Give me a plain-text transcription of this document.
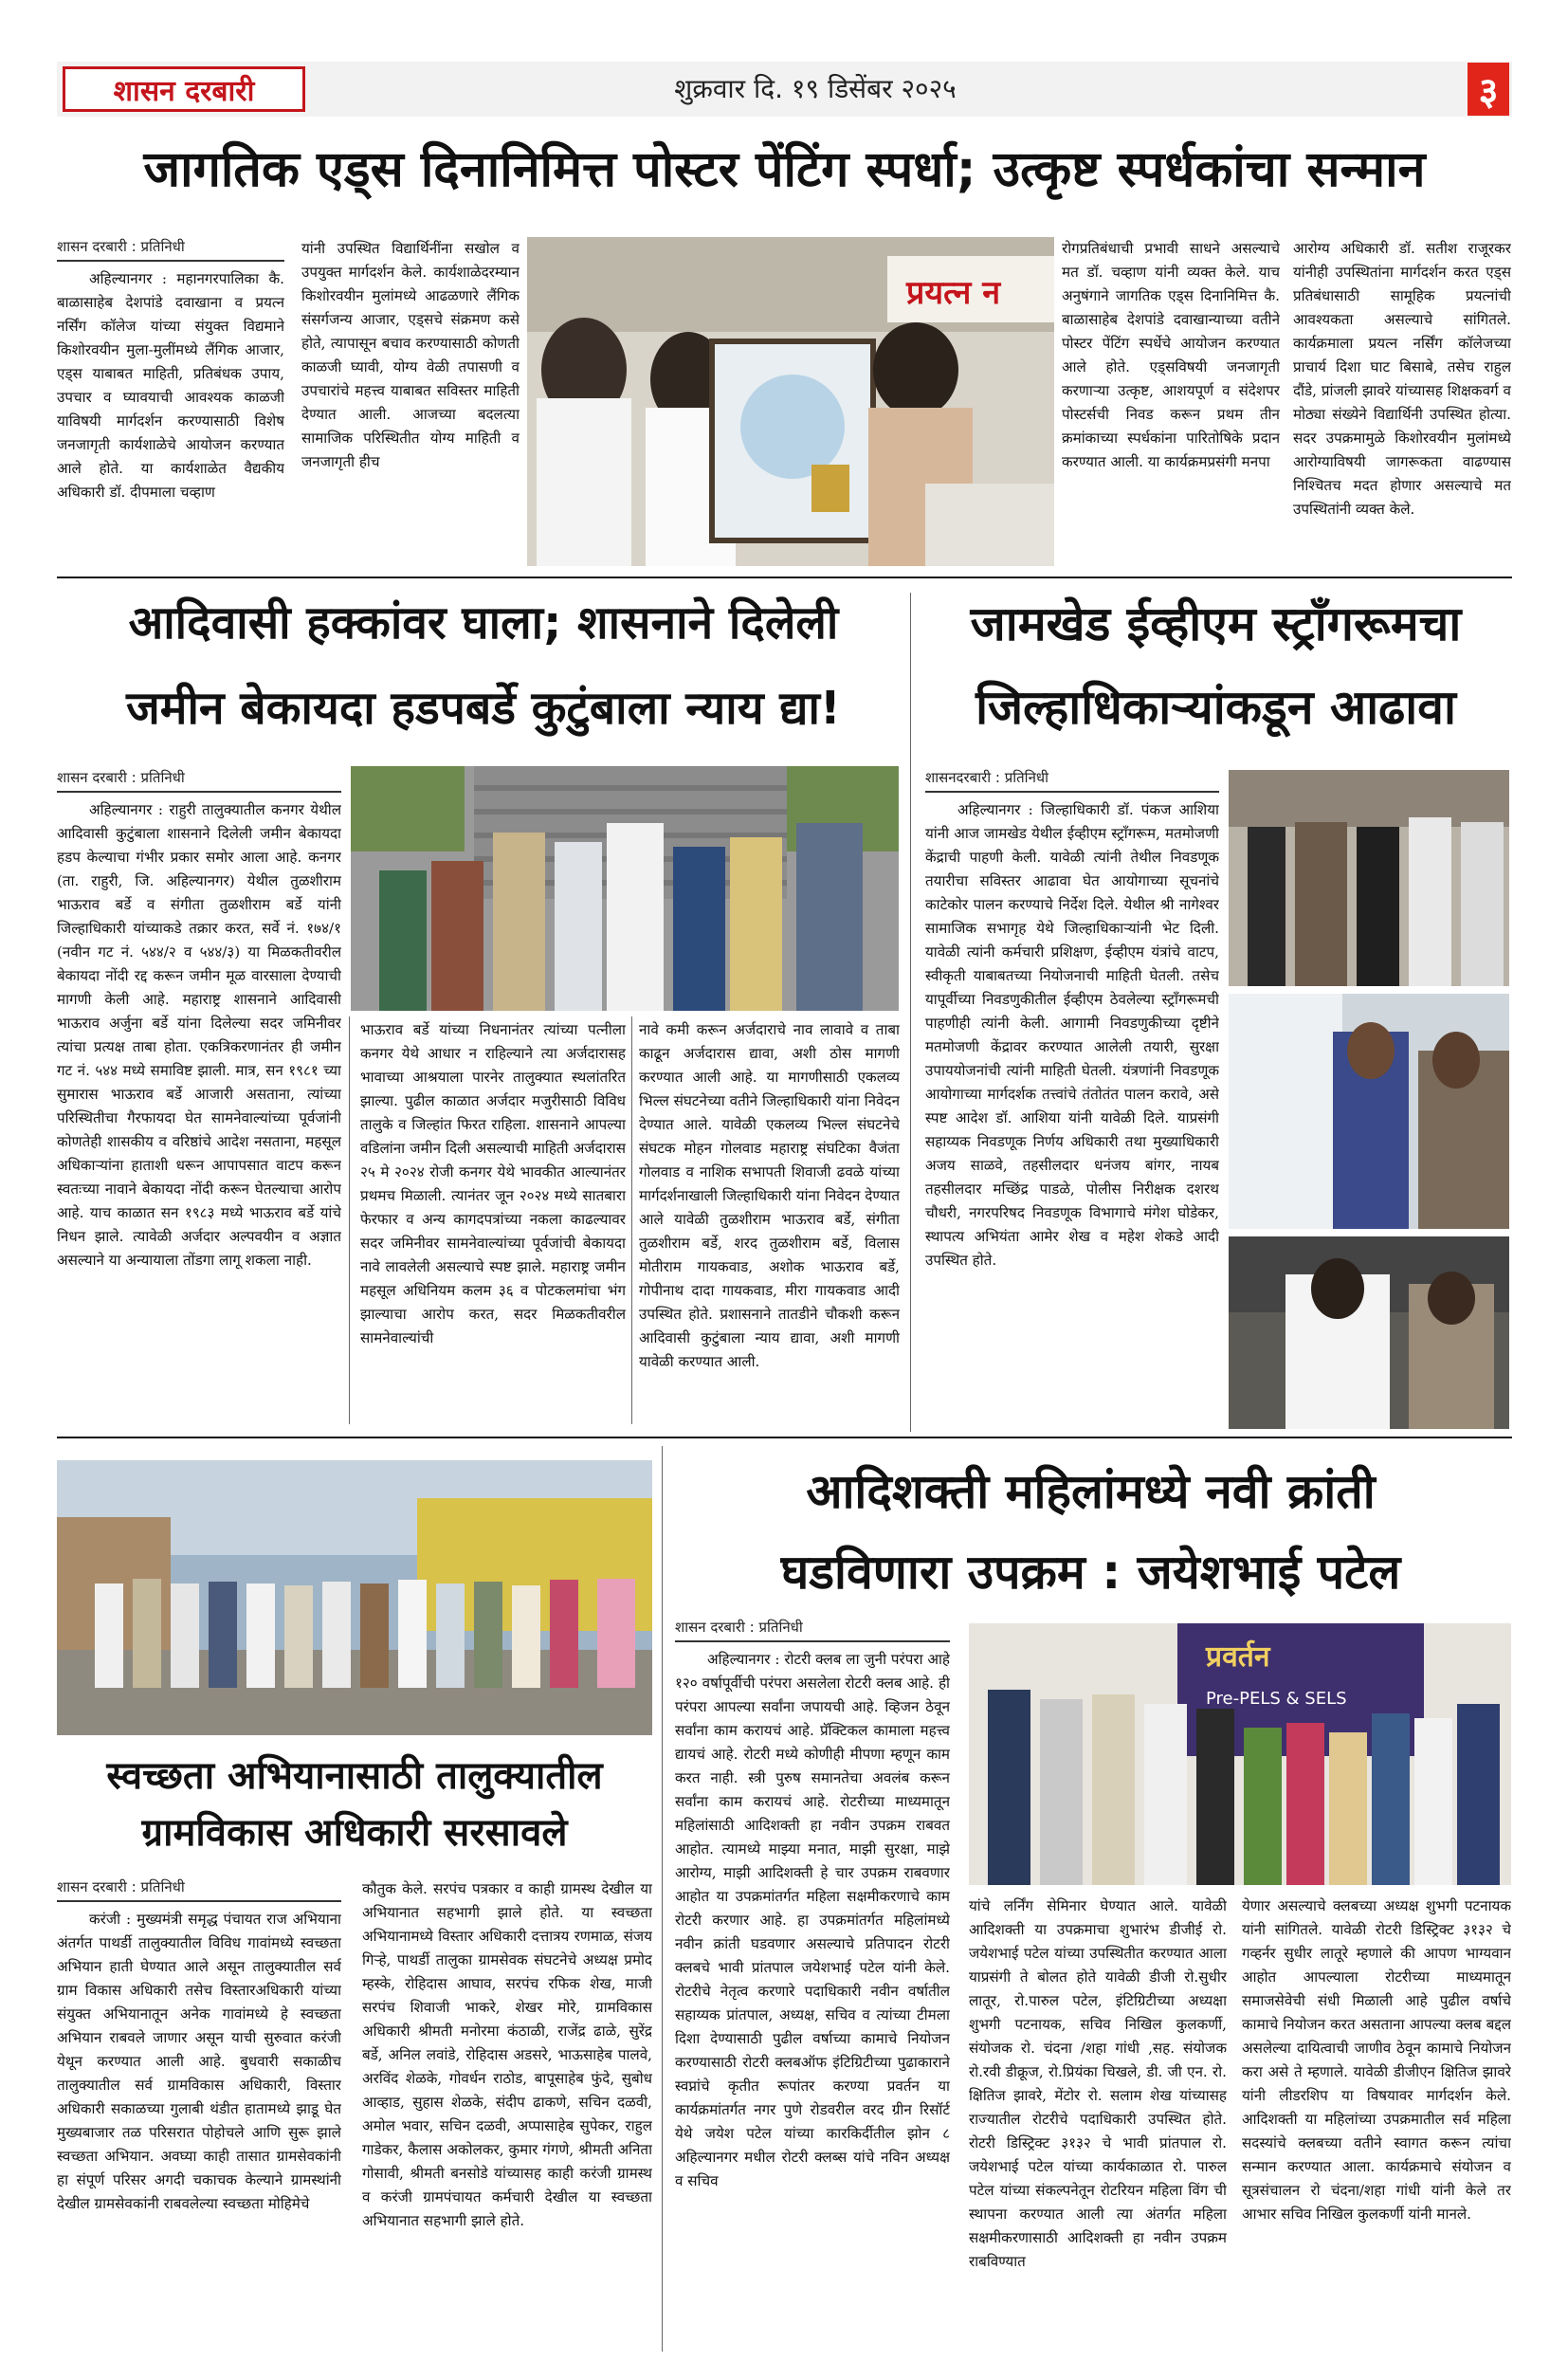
शासन दरबारी	शुक्रवार दि. १९ डिसेंबर २०२५	३
जागतिक एड्स दिनानिमित्त पोस्टर पेंटिंग स्पर्धा; उत्कृष्ट स्पर्धकांचा सन्मान
शासन दरबारी : प्रतिनिधी

अहिल्यानगर : महानगरपालिका कै. बाळासाहेब देशपांडे दवाखाना व प्रयत्न नर्सिंग कॉलेज यांच्या संयुक्त विद्यमाने किशोरवयीन मुला-मुलींमध्ये लैंगिक आजार, एड्स याबाबत माहिती, प्रतिबंधक उपाय, उपचार व घ्यावयाची आवश्यक काळजी याविषयी मार्गदर्शन करण्यासाठी विशेष जनजागृती कार्यशाळेचे आयोजन करण्यात आले होते. या कार्यशाळेत वैद्यकीय अधिकारी डॉ. दीपमाला चव्हाण

यांनी उपस्थित विद्यार्थिनींना सखोल व उपयुक्त मार्गदर्शन केले. कार्यशाळेदरम्यान किशोरवयीन मुलांमध्ये आढळणारे लैंगिक संसर्गजन्य आजार, एड्सचे संक्रमण कसे होते, त्यापासून बचाव करण्यासाठी कोणती काळजी घ्यावी, योग्य वेळी तपासणी व उपचारांचे महत्त्व याबाबत सविस्तर माहिती देण्यात आली. आजच्या बदलत्या सामाजिक परिस्थितीत योग्य माहिती व जनजागृती हीच

प्रयत्न न

रोगप्रतिबंधाची प्रभावी साधने असल्याचे मत डॉ. चव्हाण यांनी व्यक्त केले. याच अनुषंगाने जागतिक एड्स दिनानिमित्त कै. बाळासाहेब देशपांडे दवाखान्याच्या वतीने पोस्टर पेंटिंग स्पर्धेचे आयोजन करण्यात आले होते. एड्सविषयी जनजागृती करणाऱ्या उत्कृष्ट, आशयपूर्ण व संदेशपर पोस्टर्सची निवड करून प्रथम तीन क्रमांकाच्या स्पर्धकांना पारितोषिके प्रदान करण्यात आली. या कार्यक्रमप्रसंगी मनपा

आरोग्य अधिकारी डॉ. सतीश राजूरकर यांनीही उपस्थितांना मार्गदर्शन करत एड्स प्रतिबंधासाठी सामूहिक प्रयत्नांची आवश्यकता असल्याचे सांगितले. कार्यक्रमाला प्रयत्न नर्सिंग कॉलेजच्या प्राचार्य दिशा घाट बिसाबे, तसेच राहुल दौंडे, प्रांजली झावरे यांच्यासह शिक्षकवर्ग व मोठ्या संख्येने विद्यार्थिनी उपस्थित होत्या. सदर उपक्रमामुळे किशोरवयीन मुलांमध्ये आरोग्याविषयी जागरूकता वाढण्यास निश्चितच मदत होणार असल्याचे मत उपस्थितांनी व्यक्त केले.

आदिवासी हक्कांवर घाला; शासनाने दिलेली
जमीन बेकायदा हडपबर्डे कुटुंबाला न्याय द्या!
शासन दरबारी : प्रतिनिधी

अहिल्यानगर : राहुरी तालुक्यातील कनगर येथील आदिवासी कुटुंबाला शासनाने दिलेली जमीन बेकायदा हडप केल्याचा गंभीर प्रकार समोर आला आहे. कनगर (ता. राहुरी, जि. अहिल्यानगर) येथील तुळशीराम भाऊराव बर्डे व संगीता तुळशीराम बर्डे यांनी जिल्हाधिकारी यांच्याकडे तक्रार करत, सर्वे नं. १७४/१ (नवीन गट नं. ५४४/२ व ५४४/३) या मिळकतीवरील बेकायदा नोंदी रद्द करून जमीन मूळ वारसाला देण्याची मागणी केली आहे. महाराष्ट्र शासनाने आदिवासी भाऊराव अर्जुना बर्डे यांना दिलेल्या सदर जमिनीवर त्यांचा प्रत्यक्ष ताबा होता. एकत्रिकरणानंतर ही जमीन गट नं. ५४४ मध्ये समाविष्ट झाली. मात्र, सन १९८१ च्या सुमारास भाऊराव बर्डे आजारी असताना, त्यांच्या परिस्थितीचा गैरफायदा घेत सामनेवाल्यांच्या पूर्वजांनी कोणतेही शासकीय व वरिष्ठांचे आदेश नसताना, महसूल अधिकाऱ्यांना हाताशी धरून आपापसात वाटप करून स्वतःच्या नावाने बेकायदा नोंदी करून घेतल्याचा आरोप आहे. याच काळात सन १९८३ मध्ये भाऊराव बर्डे यांचे निधन झाले. त्यावेळी अर्जदार अल्पवयीन व अज्ञात असल्याने या अन्यायाला तोंडगा लागू शकला नाही.

भाऊराव बर्डे यांच्या निधनानंतर त्यांच्या पत्नीला कनगर येथे आधार न राहिल्याने त्या अर्जदारासह भावाच्या आश्रयाला पारनेर तालुक्यात स्थलांतरित झाल्या. पुढील काळात अर्जदार मजुरीसाठी विविध तालुके व जिल्हांत फिरत राहिला. शासनाने आपल्या वडिलांना जमीन दिली असल्याची माहिती अर्जदारास २५ मे २०२४ रोजी कनगर येथे भावकीत आल्यानंतर प्रथमच मिळाली. त्यानंतर जून २०२४ मध्ये सातबारा फेरफार व अन्य कागदपत्रांच्या नकला काढल्यावर सदर जमिनीवर सामनेवाल्यांच्या पूर्वजांची बेकायदा नावे लावलेली असल्याचे स्पष्ट झाले. महाराष्ट्र जमीन महसूल अधिनियम कलम ३६ व पोटकलमांचा भंग झाल्याचा आरोप करत, सदर मिळकतीवरील सामनेवाल्यांची

नावे कमी करून अर्जदाराचे नाव लावावे व ताबा काढून अर्जदारास द्यावा, अशी ठोस मागणी करण्यात आली आहे. या मागणीसाठी एकलव्य भिल्ल संघटनेच्या वतीने जिल्हाधिकारी यांना निवेदन देण्यात आले. यावेळी एकलव्य भिल्ल संघटनेचे संघटक मोहन गोलवाड महाराष्ट्र संघटिका वैजंता गोलवाड व नाशिक सभापती शिवाजी ढवळे यांच्या मार्गदर्शनाखाली जिल्हाधिकारी यांना निवेदन देण्यात आले यावेळी तुळशीराम भाऊराव बर्डे, संगीता तुळशीराम बर्डे, शरद तुळशीराम बर्डे, विलास मोतीराम गायकवाड, अशोक भाऊराव बर्डे, गोपीनाथ दादा गायकवाड, मीरा गायकवाड आदी उपस्थित होते. प्रशासनाने तातडीने चौकशी करून आदिवासी कुटुंबाला न्याय द्यावा, अशी मागणी यावेळी करण्यात आली.

जामखेड ईव्हीएम स्ट्राँगरूमचा
जिल्हाधिकाऱ्यांकडून आढावा
शासनदरबारी : प्रतिनिधी

अहिल्यानगर : जिल्हाधिकारी डॉ. पंकज आशिया यांनी आज जामखेड येथील ईव्हीएम स्ट्राँगरूम, मतमोजणी केंद्राची पाहणी केली. यावेळी त्यांनी तेथील निवडणूक तयारीचा सविस्तर आढावा घेत आयोगाच्या सूचनांचे काटेकोर पालन करण्याचे निर्देश दिले. येथील श्री नागेश्वर सामाजिक सभागृह येथे जिल्हाधिकाऱ्यांनी भेट दिली. यावेळी त्यांनी कर्मचारी प्रशिक्षण, ईव्हीएम यंत्रांचे वाटप, स्वीकृती याबाबतच्या नियोजनाची माहिती घेतली. तसेच यापूर्वीच्या निवडणुकीतील ईव्हीएम ठेवलेल्या स्ट्राँगरूमची पाहणीही त्यांनी केली. आगामी निवडणुकीच्या दृष्टीने मतमोजणी केंद्रावर करण्यात आलेली तयारी, सुरक्षा उपाययोजनांची त्यांनी माहिती घेतली. यंत्रणांनी निवडणूक आयोगाच्या मार्गदर्शक तत्त्वांचे तंतोतंत पालन करावे, असे स्पष्ट आदेश डॉ. आशिया यांनी यावेळी दिले. याप्रसंगी सहाय्यक निवडणूक निर्णय अधिकारी तथा मुख्याधिकारी अजय साळवे, तहसीलदार धनंजय बांगर, नायब तहसीलदार मच्छिंद्र पाडळे, पोलीस निरीक्षक दशरथ चौधरी, नगरपरिषद निवडणूक विभागाचे मंगेश घोडेकर, स्थापत्य अभियंता आमेर शेख व महेश शेकडे आदी उपस्थित होते.

स्वच्छता अभियानासाठी तालुक्यातील
ग्रामविकास अधिकारी सरसावले
शासन दरबारी : प्रतिनिधी

करंजी : मुख्यमंत्री समृद्ध पंचायत राज अभियाना अंतर्गत पाथर्डी तालुक्यातील विविध गावांमध्ये स्वच्छता अभियान हाती घेण्यात आले असून तालुक्यातील सर्व ग्राम विकास अधिकारी तसेच विस्तारअधिकारी यांच्या संयुक्त अभियानातून अनेक गावांमध्ये हे स्वच्छता अभियान राबवले जाणार असून याची सुरुवात करंजी येथून करण्यात आली आहे. बुधवारी सकाळीच तालुक्यातील सर्व ग्रामविकास अधिकारी, विस्तार अधिकारी सकाळच्या गुलाबी थंडीत हातामध्ये झाडू घेत मुख्यबाजार तळ परिसरात पोहोचले आणि सुरू झाले स्वच्छता अभियान. अवघ्या काही तासात ग्रामसेवकांनी हा संपूर्ण परिसर अगदी चकाचक केल्याने ग्रामस्थांनी देखील ग्रामसेवकांनी राबवलेल्या स्वच्छता मोहिमेचे

कौतुक केले. सरपंच पत्रकार व काही ग्रामस्थ देखील या अभियानात सहभागी झाले होते. या स्वच्छता अभियानामध्ये विस्तार अधिकारी दत्तात्रय रणमाळ, संजय गिऱ्हे, पाथर्डी तालुका ग्रामसेवक संघटनेचे अध्यक्ष प्रमोद म्हस्के, रोहिदास आघाव, सरपंच रफिक शेख, माजी सरपंच शिवाजी भाकरे, शेखर मोरे, ग्रामविकास अधिकारी श्रीमती मनोरमा कंठाळी, राजेंद्र ढाळे, सुरेंद्र बर्डे, अनिल लवांडे, रोहिदास अडसरे, भाऊसाहेब पालवे, अरविंद शेळके, गोवर्धन राठोड, बापूसाहेब फुंदे, सुबोध आव्हाड, सुहास शेळके, संदीप ढाकणे, सचिन दळवी, अमोल भवार, सचिन दळवी, अप्पासाहेब सुपेकर, राहुल गाडेकर, कैलास अकोलकर, कुमार गंगणे, श्रीमती अनिता गोसावी, श्रीमती बनसोडे यांच्यासह काही करंजी ग्रामस्थ व करंजी ग्रामपंचायत कर्मचारी देखील या स्वच्छता अभियानात सहभागी झाले होते.

आदिशक्ती महिलांमध्ये नवी क्रांती
घडविणारा उपक्रम : जयेशभाई पटेल
शासन दरबारी : प्रतिनिधी

अहिल्यानगर : रोटरी क्लब ला जुनी परंपरा आहे १२० वर्षापूर्वीची परंपरा असलेला रोटरी क्लब आहे. ही परंपरा आपल्या सर्वांना जपायची आहे. व्हिजन ठेवून सर्वांना काम करायचं आहे. प्रॅक्टिकल कामाला महत्त्व द्यायचं आहे. रोटरी मध्ये कोणीही मीपणा म्हणून काम करत नाही. स्त्री पुरुष समानतेचा अवलंब करून सर्वांना काम करायचं आहे. रोटरीच्या माध्यमातून महिलांसाठी आदिशक्ती हा नवीन उपक्रम राबवत आहोत. त्यामध्ये माझ्या मनात, माझी सुरक्षा, माझे आरोग्य, माझी आदिशक्ती हे चार उपक्रम राबवणार आहोत या उपक्रमांतर्गत महिला सक्षमीकरणाचे काम रोटरी करणार आहे. हा उपक्रमांतर्गत महिलांमध्ये नवीन क्रांती घडवणार असल्याचे प्रतिपादन रोटरी क्लबचे भावी प्रांतपाल जयेशभाई पटेल यांनी केले. रोटरीचे नेतृत्व करणारे पदाधिकारी नवीन वर्षातील सहाय्यक प्रांतपाल, अध्यक्ष, सचिव व त्यांच्या टीमला दिशा देण्यासाठी पुढील वर्षाच्या कामाचे नियोजन करण्यासाठी रोटरी क्लबऑफ इंटिग्रिटीच्या पुढाकाराने स्वप्नांचे कृतीत रूपांतर करण्या प्रवर्तन या कार्यक्रमांतर्गत नगर पुणे रोडवरील वरद ग्रीन रिसॉर्ट येथे जयेश पटेल यांच्या कारकिर्दीतील झोन ८ अहिल्यानगर मधील रोटरी क्लब्स यांचे नविन अध्यक्ष व सचिव

प्रवर्तन
Pre-PELS & SELS

यांचे लर्निंग सेमिनार घेण्यात आले. यावेळी आदिशक्ती या उपक्रमाचा शुभारंभ डीजीई रो. जयेशभाई पटेल यांच्या उपस्थितीत करण्यात आला याप्रसंगी ते बोलत होते यावेळी डीजी रो.सुधीर लातूर, रो.पारुल पटेल, इंटिग्रिटीच्या अध्यक्षा शुभगी पटनायक, सचिव निखिल कुलकर्णी, संयोजक रो. चंदना /शहा गांधी ,सह. संयोजक रो.रवी डीक्रूज, रो.प्रियंका चिखले, डी. जी एन. रो. क्षितिज झावरे, मेंटोर रो. सलाम शेख यांच्यासह राज्यातील रोटरीचे पदाधिकारी उपस्थित होते. रोटरी डिस्ट्रिक्ट ३१३२ चे भावी प्रांतपाल रो. जयेशभाई पटेल यांच्या कार्यकाळात रो. पारुल पटेल यांच्या संकल्पनेतून रोटरियन महिला विंग ची स्थापना करण्यात आली त्या अंतर्गत महिला सक्षमीकरणासाठी आदिशक्ती हा नवीन उपक्रम राबविण्यात

येणार असल्याचे क्लबच्या अध्यक्ष शुभगी पटनायक यांनी सांगितले. यावेळी रोटरी डिस्ट्रिक्ट ३१३२ चे गव्हर्नर सुधीर लातूरे म्हणाले की आपण भाग्यवान आहोत आपल्याला रोटरीच्या माध्यमातून समाजसेवेची संधी मिळाली आहे पुढील वर्षाचे कामाचे नियोजन करत असताना आपल्या क्लब बद्दल असलेल्या दायित्वाची जाणीव ठेवून कामाचे नियोजन करा असे ते म्हणाले. यावेळी डीजीएन क्षितिज झावरे यांनी लीडरशिप या विषयावर मार्गदर्शन केले. आदिशक्ती या महिलांच्या उपक्रमातील सर्व महिला सदस्यांचे क्लबच्या वतीने स्वागत करून त्यांचा सन्मान करण्यात आला. कार्यक्रमाचे संयोजन व सूत्रसंचालन रो चंदना/शहा गांधी यांनी केले तर आभार सचिव निखिल कुलकर्णी यांनी मानले.
